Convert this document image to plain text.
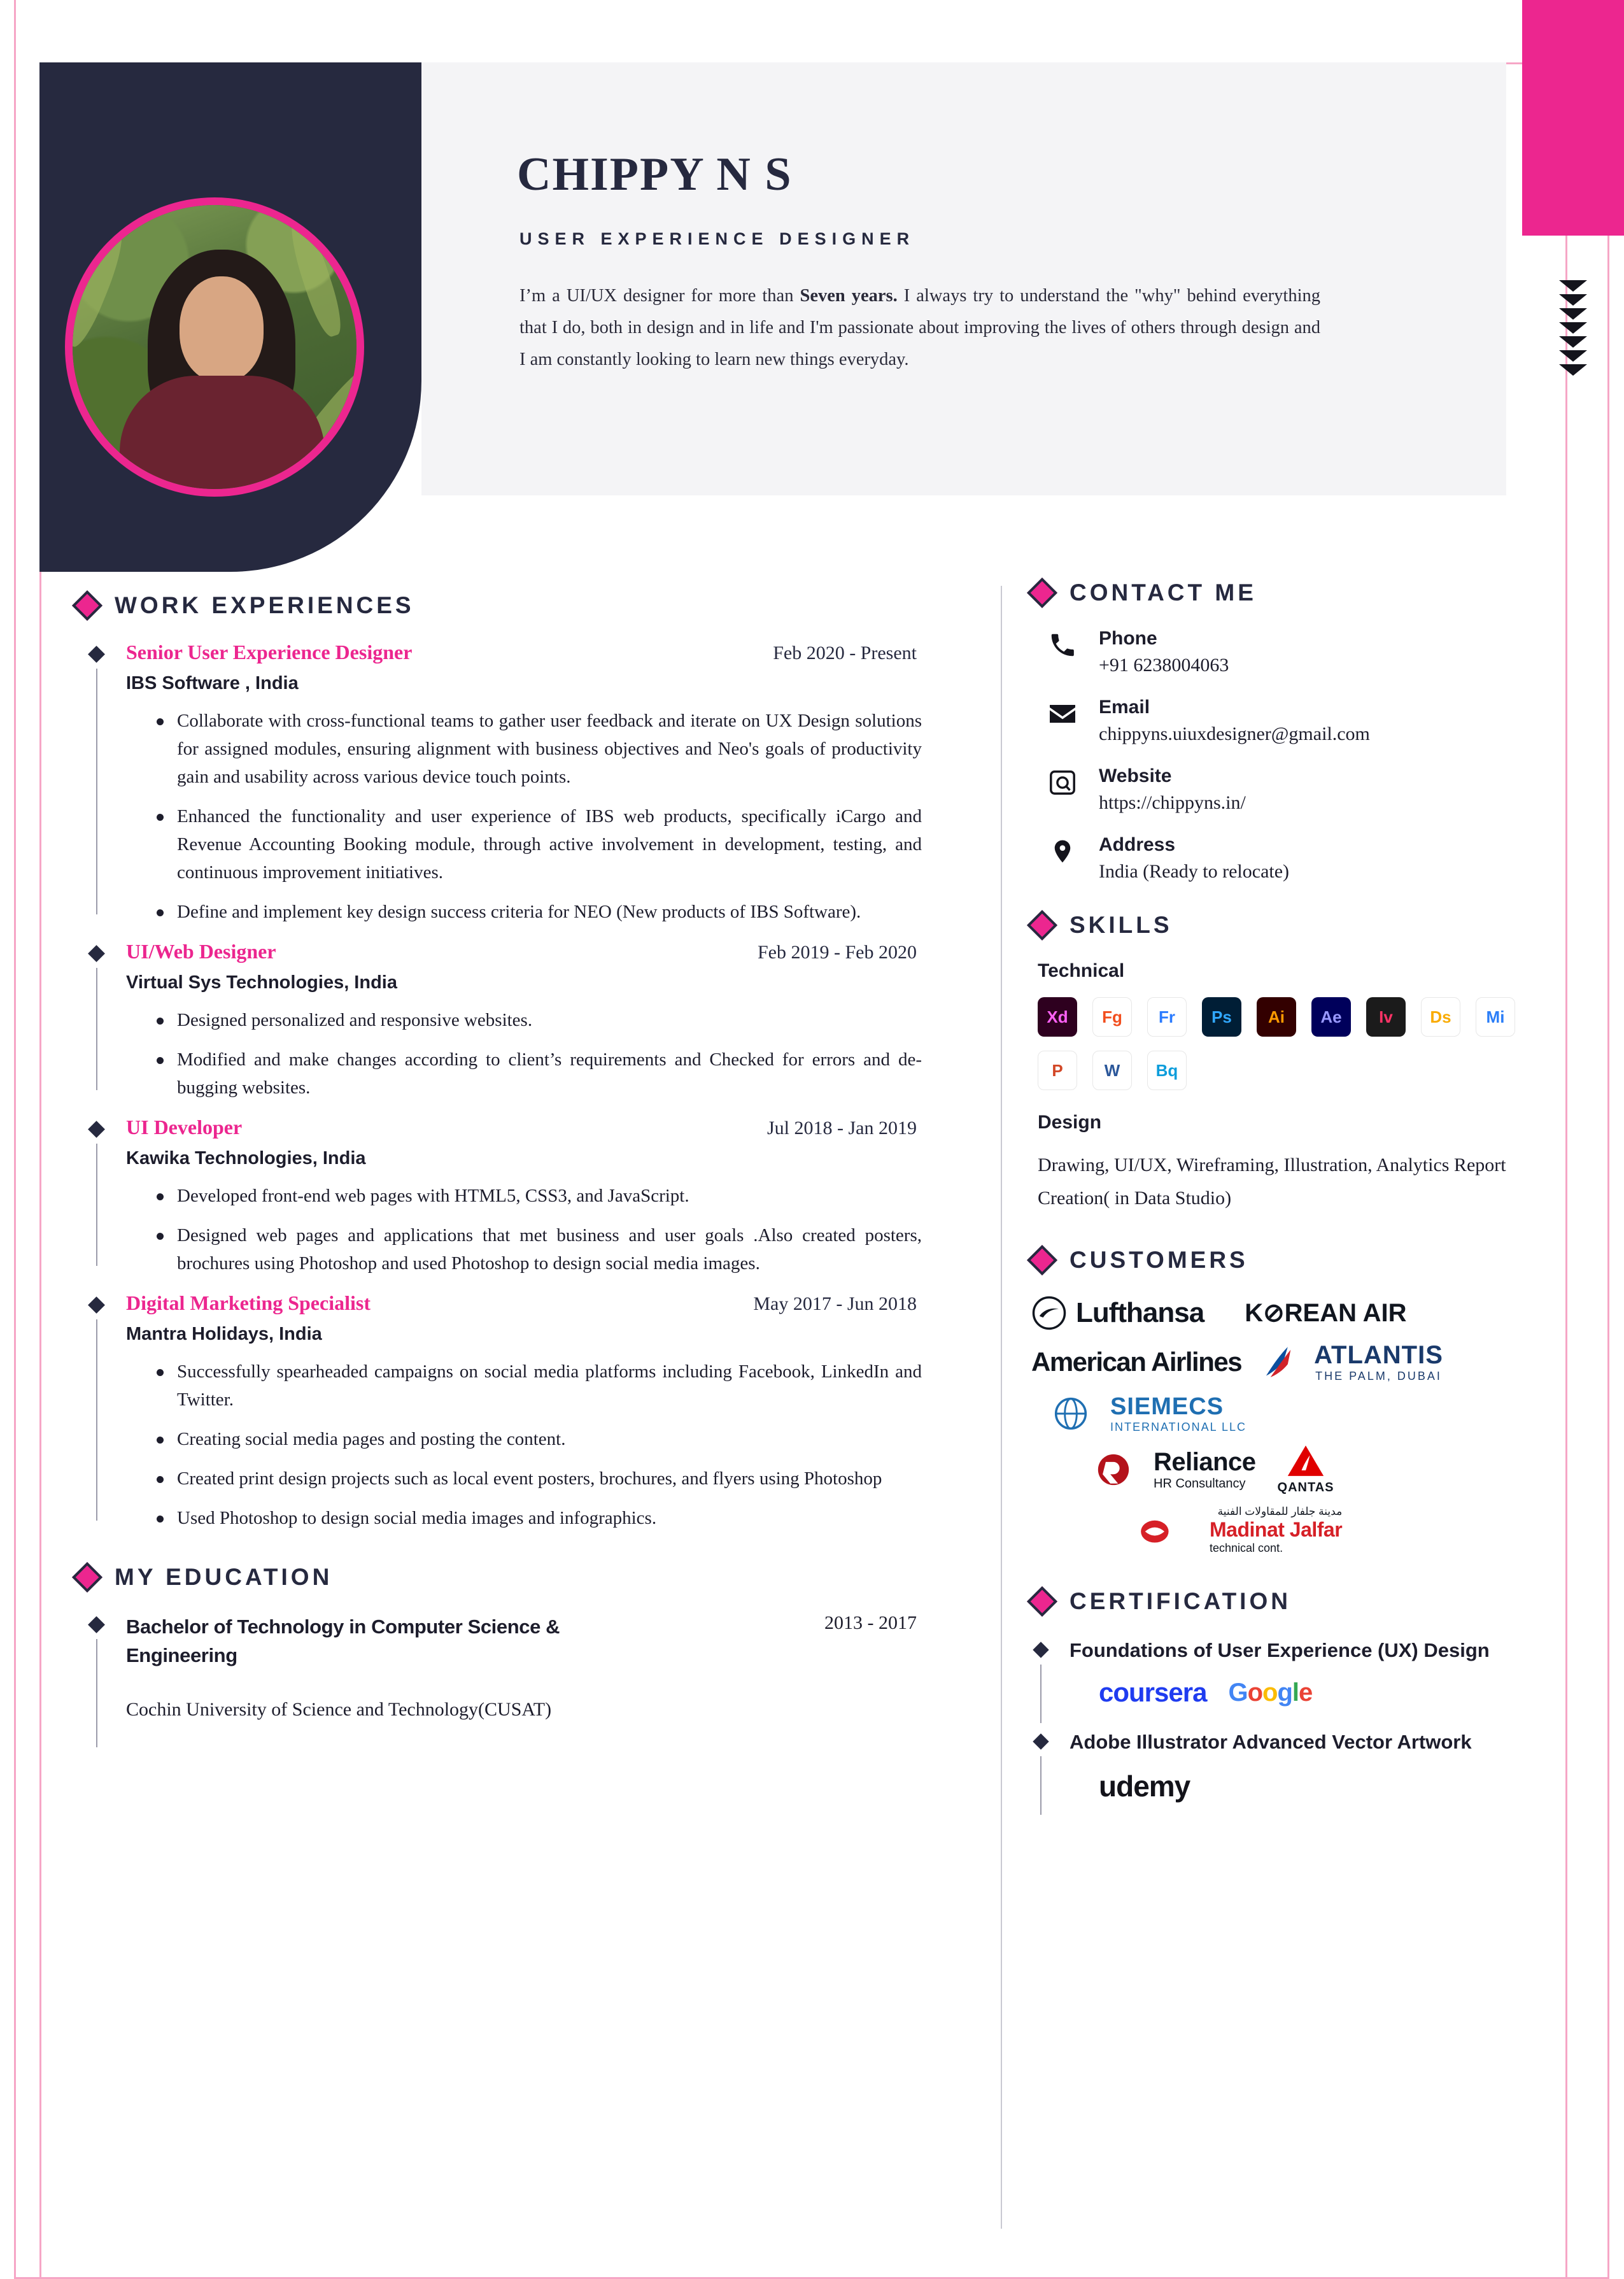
CHIPPY N S
USER EXPERIENCE DESIGNER
I’m a UI/UX designer for more than Seven years. I always try to understand the "why" behind everything that I do, both in design and in life and I'm passionate about improving the lives of others through design and I am constantly looking to learn new things everyday.
WORK EXPERIENCES
Senior User Experience Designer	Feb 2020 - Present
IBS Software , India
Collaborate with cross-functional teams to gather user feedback and iterate on UX Design solutions for assigned modules, ensuring alignment with business objectives and Neo's goals of productivity gain and usability across various device touch points.
Enhanced the functionality and user experience of IBS web products, specifically iCargo and Revenue Accounting Booking module, through active involvement in development, testing, and continuous improvement initiatives.
Define and implement key design success criteria for NEO (New products of IBS Software).
UI/Web Designer	Feb 2019 - Feb 2020
Virtual Sys Technologies, India
Designed personalized and responsive websites.
Modified and make changes according to client’s requirements and Checked for errors and de-bugging websites.
UI Developer	Jul 2018 - Jan 2019
Kawika Technologies, India
Developed front-end web pages with HTML5, CSS3, and JavaScript.
Designed web pages and applications that met business and user goals .Also created posters, brochures using Photoshop and used Photoshop to design social media images.
Digital Marketing Specialist	May 2017 - Jun 2018
Mantra Holidays, India
Successfully spearheaded campaigns on social media platforms including Facebook, LinkedIn and Twitter.
Creating social media pages and posting the content.
Created print design projects such as local event posters, brochures, and flyers using Photoshop
Used Photoshop to design social media images and infographics.
MY EDUCATION
Bachelor of Technology in Computer Science & Engineering
2013 - 2017
Cochin University of Science and Technology(CUSAT)
CONTACT ME
Phone
+91 6238004063
Email
chippyns.uiuxdesigner@gmail.com
Website
https://chippyns.in/
Address
India (Ready to relocate)
SKILLS
Technical
Xd	Fg	Fr	Ps	Ai	Ae	Iv	Ds	Mi
P	W	Bq
Design
Drawing, UI/UX, Wireframing, Illustration, Analytics Report Creation( in Data Studio)
CUSTOMERS
Lufthansa K⊘REAN AIR
American Airlines	ATLANTIS
THE PALM, DUBAI
SIEMECS
INTERNATIONAL LLC
Reliance
HR Consultancy	QANTAS
مدينة جلفار للمقاولات الفنية
Madinat Jalfar
technical cont.
CERTIFICATION
Foundations of User Experience (UX) Design
coursera Google
Adobe Illustrator Advanced Vector Artwork
udemy
